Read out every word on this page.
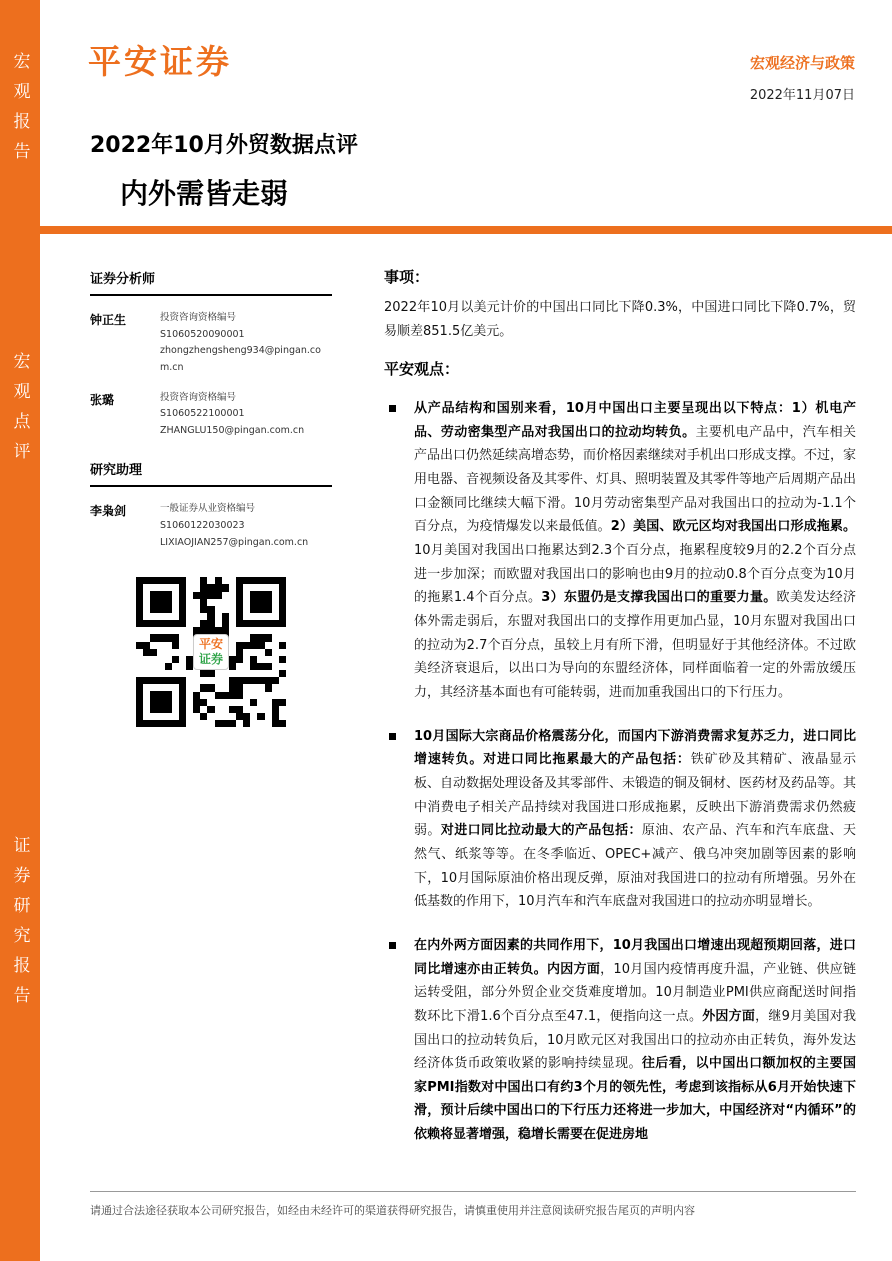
宏观报告
宏观点评
证券研究报告
平安证券	宏观经济与政策
2022年11月07日
2022年10月外贸数据点评
内外需皆走弱
证券分析师
钟正生	投资咨询资格编号
S1060520090001
zhongzhengsheng934@pingan.com.cn
张璐	投资咨询资格编号
S1060522100001
ZHANGLU150@pingan.com.cn
研究助理
李枭剑	一般证券从业资格编号
S1060122030023
LIXIAOJIAN257@pingan.com.cn
平安
证券
事项：
2022年10月以美元计价的中国出口同比下降0.3%，中国进口同比下降0.7%，贸易顺差851.5亿美元。
平安观点：
从产品结构和国别来看，10月中国出口主要呈现出以下特点：1）机电产品、劳动密集型产品对我国出口的拉动均转负。主要机电产品中，汽车相关产品出口仍然延续高增态势，而价格因素继续对手机出口形成支撑。不过，家用电器、音视频设备及其零件、灯具、照明装置及其零件等地产后周期产品出口金额同比继续大幅下滑。10月劳动密集型产品对我国出口的拉动为-1.1个百分点，为疫情爆发以来最低值。2）美国、欧元区均对我国出口形成拖累。10月美国对我国出口拖累达到2.3个百分点，拖累程度较9月的2.2个百分点进一步加深；而欧盟对我国出口的影响也由9月的拉动0.8个百分点变为10月的拖累1.4个百分点。3）东盟仍是支撑我国出口的重要力量。欧美发达经济体外需走弱后，东盟对我国出口的支撑作用更加凸显，10月东盟对我国出口的拉动为2.7个百分点，虽较上月有所下滑，但明显好于其他经济体。不过欧美经济衰退后，以出口为导向的东盟经济体，同样面临着一定的外需放缓压力，其经济基本面也有可能转弱，进而加重我国出口的下行压力。
10月国际大宗商品价格震荡分化，而国内下游消费需求复苏乏力，进口同比增速转负。对进口同比拖累最大的产品包括：铁矿砂及其精矿、液晶显示板、自动数据处理设备及其零部件、未锻造的铜及铜材、医药材及药品等。其中消费电子相关产品持续对我国进口形成拖累，反映出下游消费需求仍然疲弱。对进口同比拉动最大的产品包括：原油、农产品、汽车和汽车底盘、天然气、纸浆等等。在冬季临近、OPEC+减产、俄乌冲突加剧等因素的影响下，10月国际原油价格出现反弹，原油对我国进口的拉动有所增强。另外在低基数的作用下，10月汽车和汽车底盘对我国进口的拉动亦明显增长。
在内外两方面因素的共同作用下，10月我国出口增速出现超预期回落，进口同比增速亦由正转负。内因方面，10月国内疫情再度升温，产业链、供应链运转受阻，部分外贸企业交货难度增加。10月制造业PMI供应商配送时间指数环比下滑1.6个百分点至47.1，便指向这一点。外因方面，继9月美国对我国出口的拉动转负后，10月欧元区对我国出口的拉动亦由正转负，海外发达经济体货币政策收紧的影响持续显现。往后看，以中国出口额加权的主要国家PMI指数对中国出口有约3个月的领先性，考虑到该指标从6月开始快速下滑，预计后续中国出口的下行压力还将进一步加大，中国经济对“内循环”的依赖将显著增强，稳增长需要在促进房地
请通过合法途径获取本公司研究报告，如经由未经许可的渠道获得研究报告，请慎重使用并注意阅读研究报告尾页的声明内容
